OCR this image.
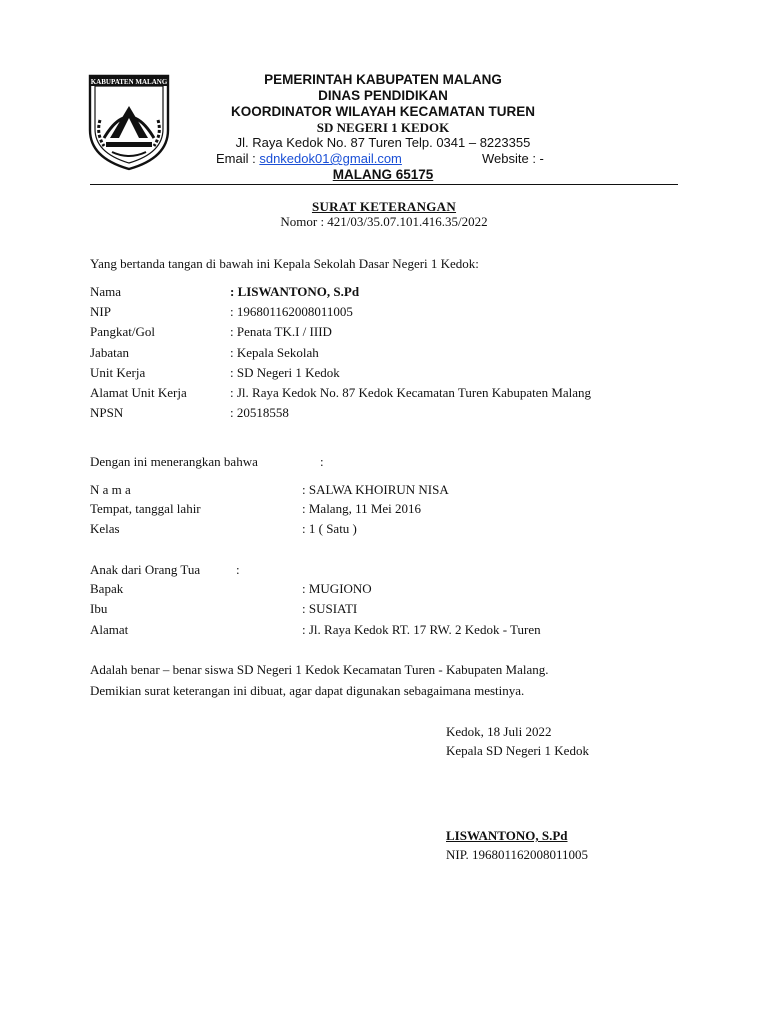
KABUPATEN MALANG	PEMERINTAH KABUPATEN MALANG
DINAS PENDIDIKAN
KOORDINATOR WILAYAH KECAMATAN TUREN
SD NEGERI 1 KEDOK
Jl. Raya Kedok No. 87 Turen Telp. 0341 – 8223355
Email : sdnkedok01@gmail.com	Website : -
MALANG 65175
SURAT KETERANGAN
Nomor : 421/03/35.07.101.416.35/2022
Yang bertanda tangan di bawah ini Kepala Sekolah Dasar Negeri 1 Kedok:
Nama	: LISWANTONO, S.Pd
NIP	: 196801162008011005
Pangkat/Gol	: Penata TK.I / IIID
Jabatan	: Kepala Sekolah
Unit Kerja	: SD Negeri 1 Kedok
Alamat Unit Kerja	: Jl. Raya Kedok No. 87 Kedok Kecamatan Turen Kabupaten Malang
NPSN	: 20518558
Dengan ini menerangkan bahwa	:
N a m a	: SALWA KHOIRUN NISA
Tempat, tanggal lahir	: Malang, 11 Mei 2016
Kelas	: 1 ( Satu )
Anak dari Orang Tua	:
Bapak	: MUGIONO
Ibu	: SUSIATI
Alamat	: Jl. Raya Kedok RT. 17 RW. 2 Kedok - Turen
Adalah benar – benar siswa SD Negeri 1 Kedok Kecamatan Turen - Kabupaten Malang.
Demikian surat keterangan ini dibuat, agar dapat digunakan sebagaimana mestinya.
Kedok, 18 Juli 2022
Kepala SD Negeri 1 Kedok
LISWANTONO, S.Pd
NIP. 196801162008011005
